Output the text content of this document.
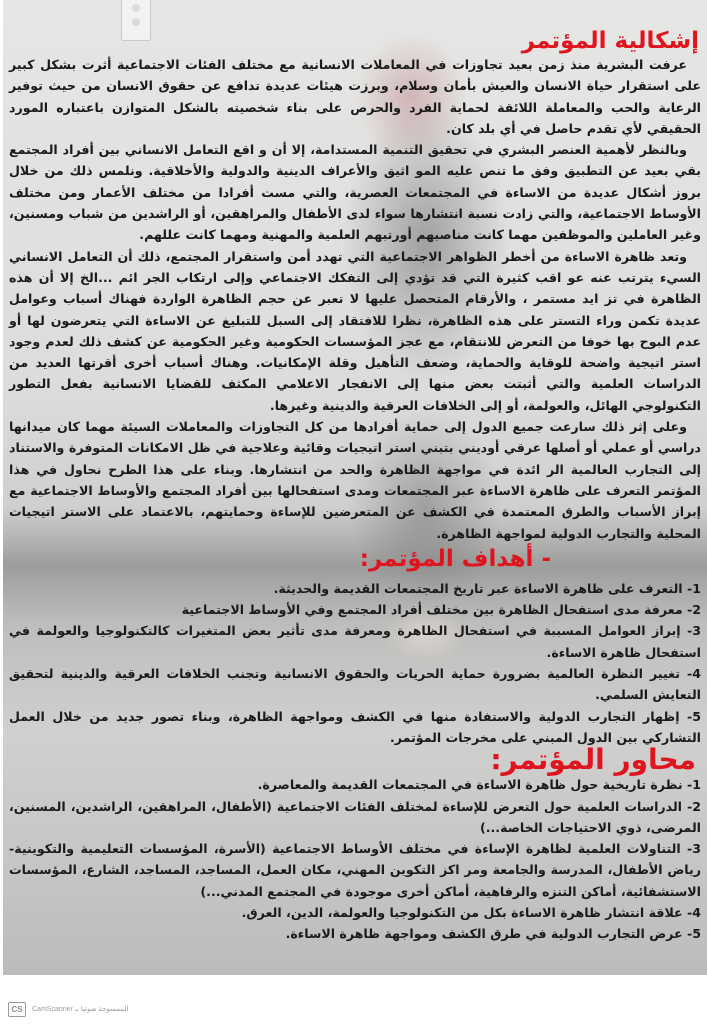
إشكالية المؤتمر

عرفت البشرية منذ زمن بعيد تجاوزات في المعاملات الانسانية مع مختلف الفئات الاجتماعية أثرت بشكل كبير على استقرار حياة الانسان والعيش بأمان وسلام، وبرزت هيئات عديدة تدافع عن حقوق الانسان من حيث توفير الرعاية والحب والمعاملة اللائقة لحماية الفرد والحرص على بناء شخصيته بالشكل المتوازن باعتباره المورد الحقيقي لأي تقدم حاصل في أي بلد كان.

وبالنظر لأهمية العنصر البشري في تحقيق التنمية المستدامة، إلا أن و اقع التعامل الانساني بين أفراد المجتمع بقي بعيد عن التطبيق وفق ما تنص عليه المو اثيق والأعراف الدينية والدولية والأخلاقية. ونلمس ذلك من خلال بروز أشكال عديدة من الاساءة في المجتمعات العصرية، والتي مست أفرادا من مختلف الأعمار ومن مختلف الأوساط الاجتماعية، والتي زادت نسبة انتشارها سواء لدى الأطفال والمراهقين، أو الراشدين من شباب ومسنين، وغير العاملين والموظفين مهما كانت مناصبهم أورتبهم العلمية والمهنية ومهما كانت عللهم.

وتعد ظاهرة الاساءة من أخطر الظواهر الاجتماعية التي تهدد أمن واستقرار المجتمع، ذلك أن التعامل الانساني السيء يترتب عنه عو اقب كثيرة التي قد تؤدي إلى التفكك الاجتماعي وإلى ارتكاب الجر ائم ...الخ إلا أن هذه الظاهرة في تز ايد مستمر ، والأرقام المتحصل عليها لا تعبر عن حجم الظاهرة الواردة فهناك أسباب وعوامل عديدة تكمن وراء التستر على هذه الظاهرة، نظرا للافتقاد إلى السبل للتبليغ عن الاساءة التي يتعرضون لها أو عدم البوح بها خوفا من التعرض للانتقام، مع عجز المؤسسات الحكومية وغير الحكومية عن كشف ذلك لعدم وجود استر اتيجية واضحة للوقاية والحماية، وضعف التأهيل وقلة الإمكانيات. وهناك أسباب أخرى أقرتها العديد من الدراسات العلمية والتي أثبتت بعض منها إلى الانفجار الاعلامي المكثف للقضايا الانسانية بفعل التطور التكنولوجي الهائل، والعولمة، أو إلى الخلافات العرقية والدينية وغيرها.

وعلى إثر ذلك سارعت جميع الدول إلى حماية أفرادها من كل التجاوزات والمعاملات السيئة مهما كان ميدانها دراسي أو عملي أو أصلها عرقي أوديني بتبني استر اتيجيات وقائية وعلاجية في ظل الامكانات المتوفرة والاستناد إلى التجارب العالمية الر ائدة في مواجهة الظاهرة والحد من انتشارها. وبناء على هذا الطرح نحاول في هذا المؤتمر التعرف على ظاهرة الاساءة عبر المجتمعات ومدى استفحالها بين أفراد المجتمع والأوساط الاجتماعية مع إبراز الأسباب والطرق المعتمدة في الكشف عن المتعرضين للإساءة وحمايتهم، بالاعتماد على الاستر اتيجيات المحلية والتجارب الدولية لمواجهة الظاهرة.

- أهداف المؤتمر:

1- التعرف على ظاهرة الاساءة عبر تاريخ المجتمعات القديمة والحديثة.

2- معرفة مدى استفحال الظاهرة بين مختلف أفراد المجتمع وفي الأوساط الاجتماعية

3- إبراز العوامل المسببة في استفحال الظاهرة ومعرفة مدى تأثير بعض المتغيرات كالتكنولوجيا والعولمة في استفحال ظاهرة الاساءة.

4- تغيير النظرة العالمية بضرورة حماية الحريات والحقوق الانسانية وتجنب الخلافات العرقية والدينية لتحقيق التعايش السلمي.

5- إظهار التجارب الدولية والاستفادة منها في الكشف ومواجهة الظاهرة، وبناء تصور جديد من خلال العمل التشاركي بين الدول المبني على مخرجات المؤتمر.

محاور المؤتمر:

1- نظرة تاريخية حول ظاهرة الاساءة في المجتمعات القديمة والمعاصرة.

2- الدراسات العلمية حول التعرض للإساءة لمختلف الفئات الاجتماعية (الأطفال، المراهقين، الراشدين، المسنين، المرضى، ذوي الاحتياجات الخاصة...)

3- التناولات العلمية لظاهرة الإساءة في مختلف الأوساط الاجتماعية (الأسرة، المؤسسات التعليمية والتكوينية- رياض الأطفال، المدرسة والجامعة ومر اكز التكوين المهني، مكان العمل، المساجد، المساجد، الشارع، المؤسسات الاستشفائية، أماكن التنزه والرفاهية، أماكن أخرى موجودة في المجتمع المدني...)

4- علاقة انتشار ظاهرة الاساءة بكل من التكنولوجيا والعولمة، الدين، العرق.

5- عرض التجارب الدولية في طرق الكشف ومواجهة ظاهرة الاساءة.

CS	الممسوحة ضوئيا بـ CamScanner
